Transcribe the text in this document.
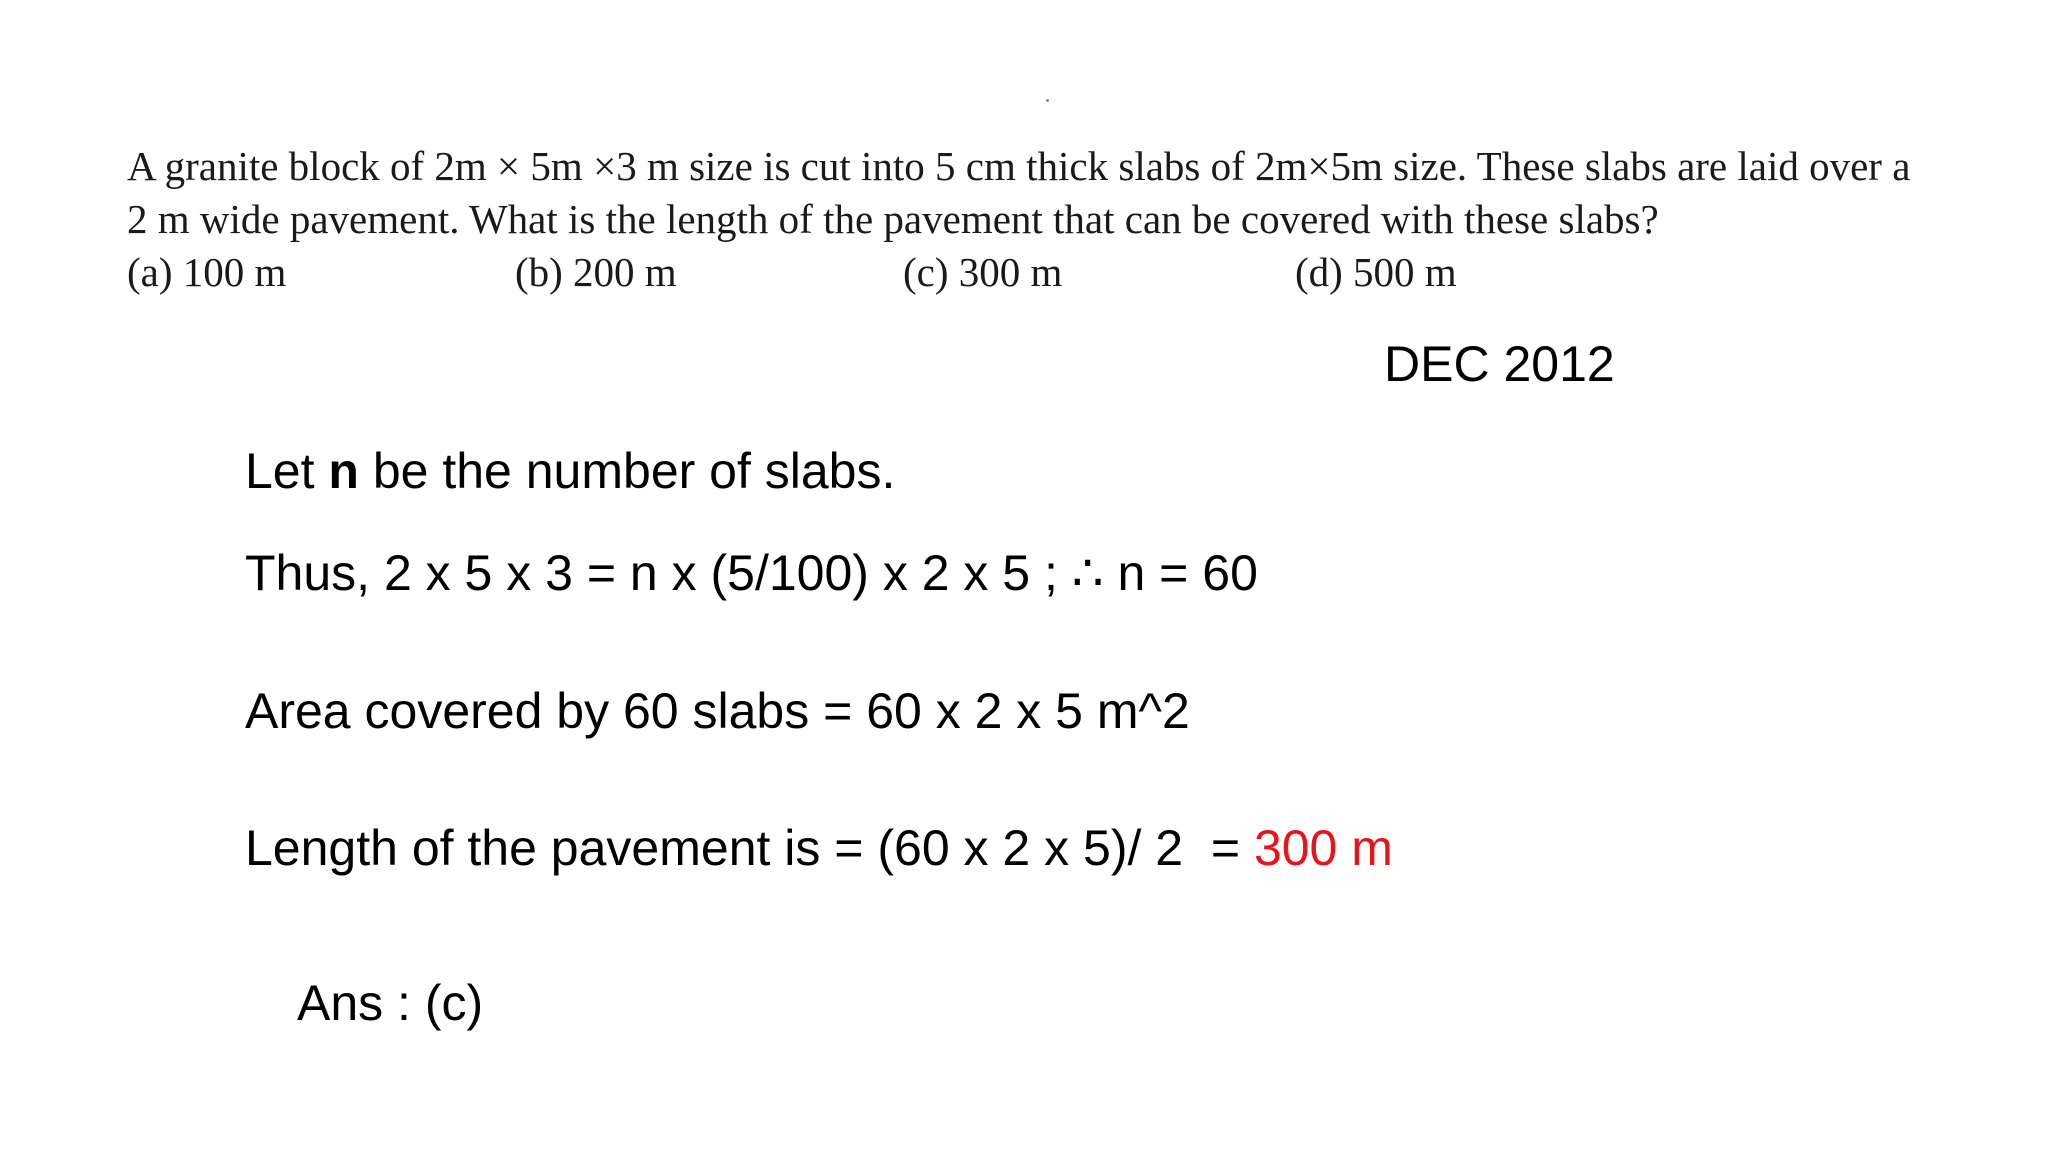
A granite block of 2m × 5m ×3 m size is cut into 5 cm thick slabs of 2m×5m size. These slabs are laid over a
2 m wide pavement. What is the length of the pavement that can be covered with these slabs?
(a) 100 m	(b) 200 m	(c) 300 m	(d) 500 m
DEC 2012
Let n be the number of slabs.
Thus, 2 x 5 x 3 = n x (5/100) x 2 x 5 ; ∴ n = 60
Area covered by 60 slabs = 60 x 2 x 5 m^2
Length of the pavement is = (60 x 2 x 5)/ 2  = 300 m
Ans : (c)
